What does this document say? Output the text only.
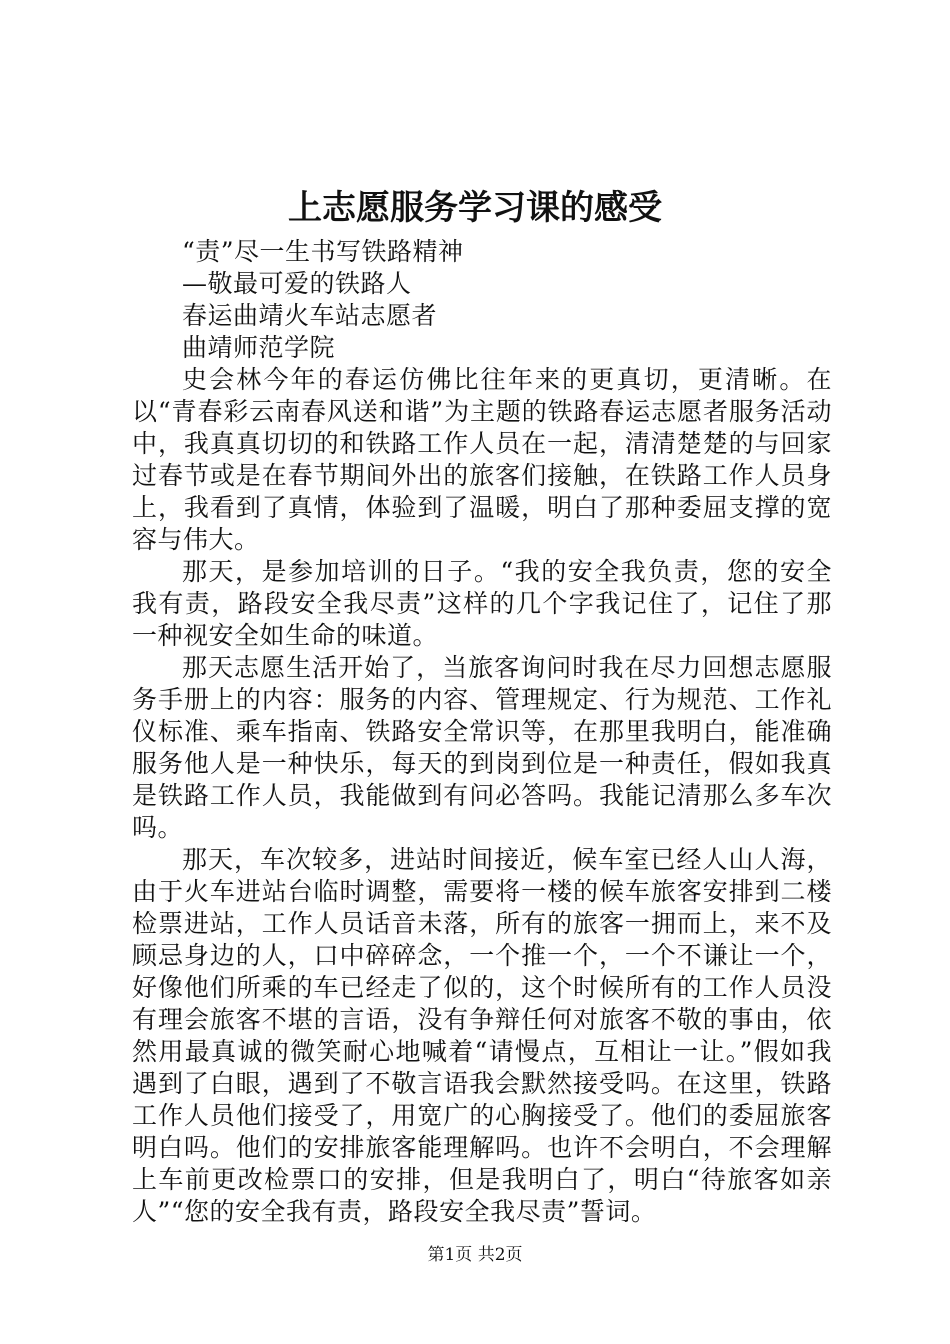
上志愿服务学习课的感受

“责”尽一生书写铁路精神

—敬最可爱的铁路人

春运曲靖火车站志愿者

曲靖师范学院

史会林今年的春运仿佛比往年来的更真切，更清晰。在以“青春彩云南春风送和谐”为主题的铁路春运志愿者服务活动中，我真真切切的和铁路工作人员在一起，清清楚楚的与回家过春节或是在春节期间外出的旅客们接触，在铁路工作人员身上，我看到了真情，体验到了温暖，明白了那种委屈支撑的宽容与伟大。

那天，是参加培训的日子。“我的安全我负责，您的安全我有责，路段安全我尽责”这样的几个字我记住了，记住了那一种视安全如生命的味道。

那天志愿生活开始了，当旅客询问时我在尽力回想志愿服务手册上的内容：服务的内容、管理规定、行为规范、工作礼仪标准、乘车指南、铁路安全常识等，在那里我明白，能准确服务他人是一种快乐，每天的到岗到位是一种责任，假如我真是铁路工作人员，我能做到有问必答吗。我能记清那么多车次吗。

那天，车次较多，进站时间接近，候车室已经人山人海，由于火车进站台临时调整，需要将一楼的候车旅客安排到二楼检票进站，工作人员话音未落，所有的旅客一拥而上，来不及顾忌身边的人，口中碎碎念，一个推一个，一个不谦让一个，好像他们所乘的车已经走了似的，这个时候所有的工作人员没有理会旅客不堪的言语，没有争辩任何对旅客不敬的事由，依然用最真诚的微笑耐心地喊着“请慢点，互相让一让。”假如我遇到了白眼，遇到了不敬言语我会默然接受吗。在这里，铁路工作人员他们接受了，用宽广的心胸接受了。他们的委屈旅客明白吗。他们的安排旅客能理解吗。也许不会明白，不会理解上车前更改检票口的安排，但是我明白了，明白“待旅客如亲人”“您的安全我有责，路段安全我尽责”誓词。

第1页 共2页
